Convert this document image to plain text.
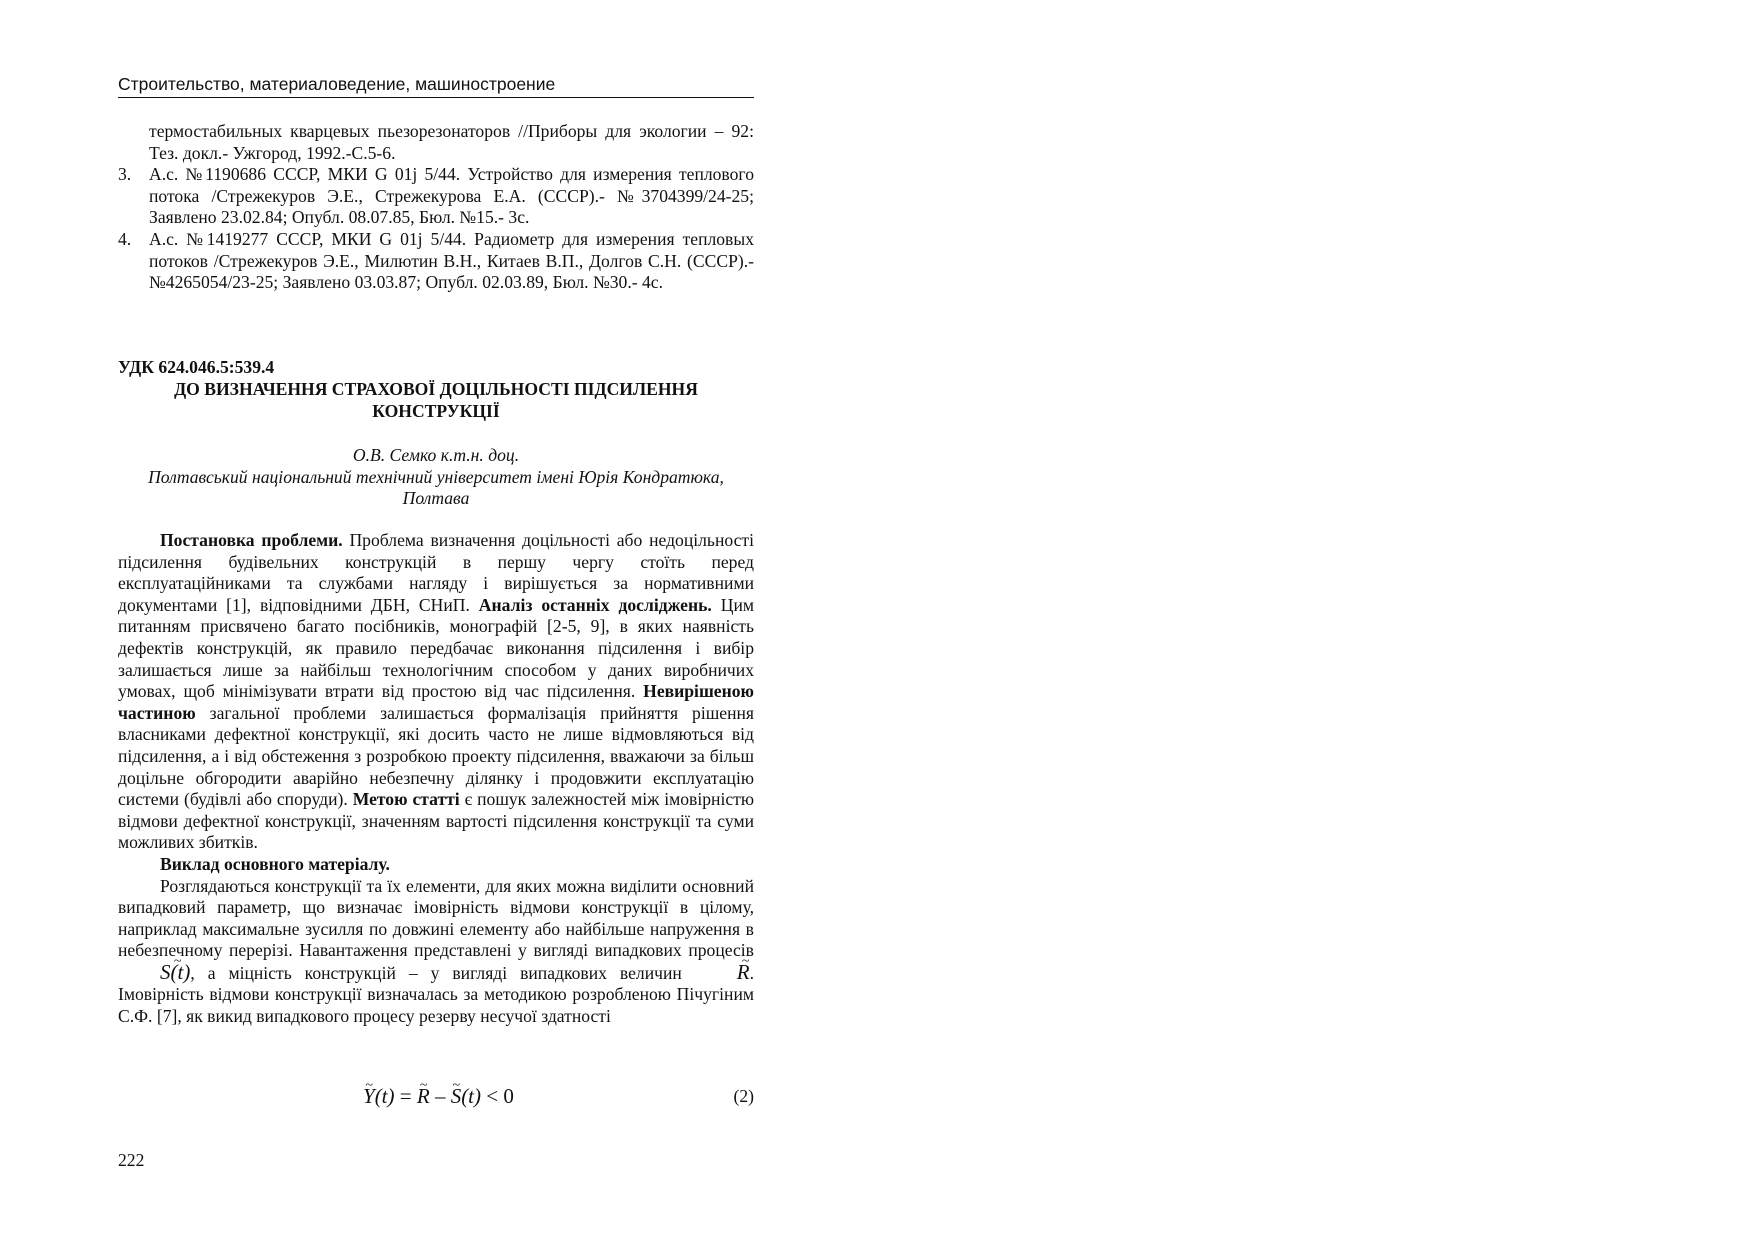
Строительство, материаловедение, машиностроение
термостабильных кварцевых пьезорезонаторов //Приборы для экологии – 92: Тез. докл.- Ужгород, 1992.-С.5-6.
3.	А.с. №1190686 СССР, МКИ G 01j 5/44. Устройство для измерения теплового потока /Стрежекуров Э.Е., Стрежекурова Е.А. (СССР).- №3704399/24-25; Заявлено 23.02.84; Опубл. 08.07.85, Бюл. №15.- 3с.
4.	А.с. №1419277 СССР, МКИ G 01j 5/44. Радиометр для измерения тепловых потоков /Стрежекуров Э.Е., Милютин В.Н., Китаев В.П., Долгов С.Н. (СССР).- №4265054/23-25; Заявлено 03.03.87; Опубл. 02.03.89, Бюл. №30.- 4с.
УДК 624.046.5:539.4
ДО ВИЗНАЧЕННЯ СТРАХОВОЇ ДОЦІЛЬНОСТІ ПІДСИЛЕННЯ
КОНСТРУКЦІЇ
О.В. Семко к.т.н. доц.
Полтавський національний технічний університет імені Юрія Кондратюка,
Полтава

Постановка проблеми. Проблема визначення доцільності або недоцільності підсилення будівельних конструкцій в першу чергу стоїть перед експлуатаційниками та службами нагляду і вирішується за нормативними документами [1], відповідними ДБН, СНиП. Аналіз останніх досліджень. Цим питанням присвячено багато посібників, монографій [2-5, 9], в яких наявність дефектів конструкцій, як правило передбачає виконання підсилення і вибір залишається лише за найбільш технологічним способом у даних виробничих умовах, щоб мінімізувати втрати від простою від час підсилення. Невирішеною частиною загальної проблеми залишається формалізація прийняття рішення власниками дефектної конструкції, які досить часто не лише відмовляються від підсилення, а і від обстеження з розробкою проекту підсилення, вважаючи за більш доцільне обгородити аварійно небезпечну ділянку і продовжити експлуатацію системи (будівлі або споруди). Метою статті є пошук залежностей між імовірністю відмови дефектної конструкції, значенням вартості підсилення конструкції та суми можливих збитків.

Виклад основного матеріалу.

Розглядаються конструкції та їх елементи, для яких можна виділити основний випадковий параметр, що визначає імовірність відмови конструкції в цілому, наприклад максимальне зусилля по довжині елементу або найбільше напруження в небезпечному перерізі. Навантаження представлені у вигляді випадкових процесів ~ S(t), а міцність конструкцій – у вигляді випадкових величин ~ R. Імовірність відмови конструкції визначалась за методикою розробленою Пічугіним С.Ф. [7], як викид випадкового процесу резерву несучої здатності

~ Y(t) = ~ R – ~ S(t) < 0	(2)
222
